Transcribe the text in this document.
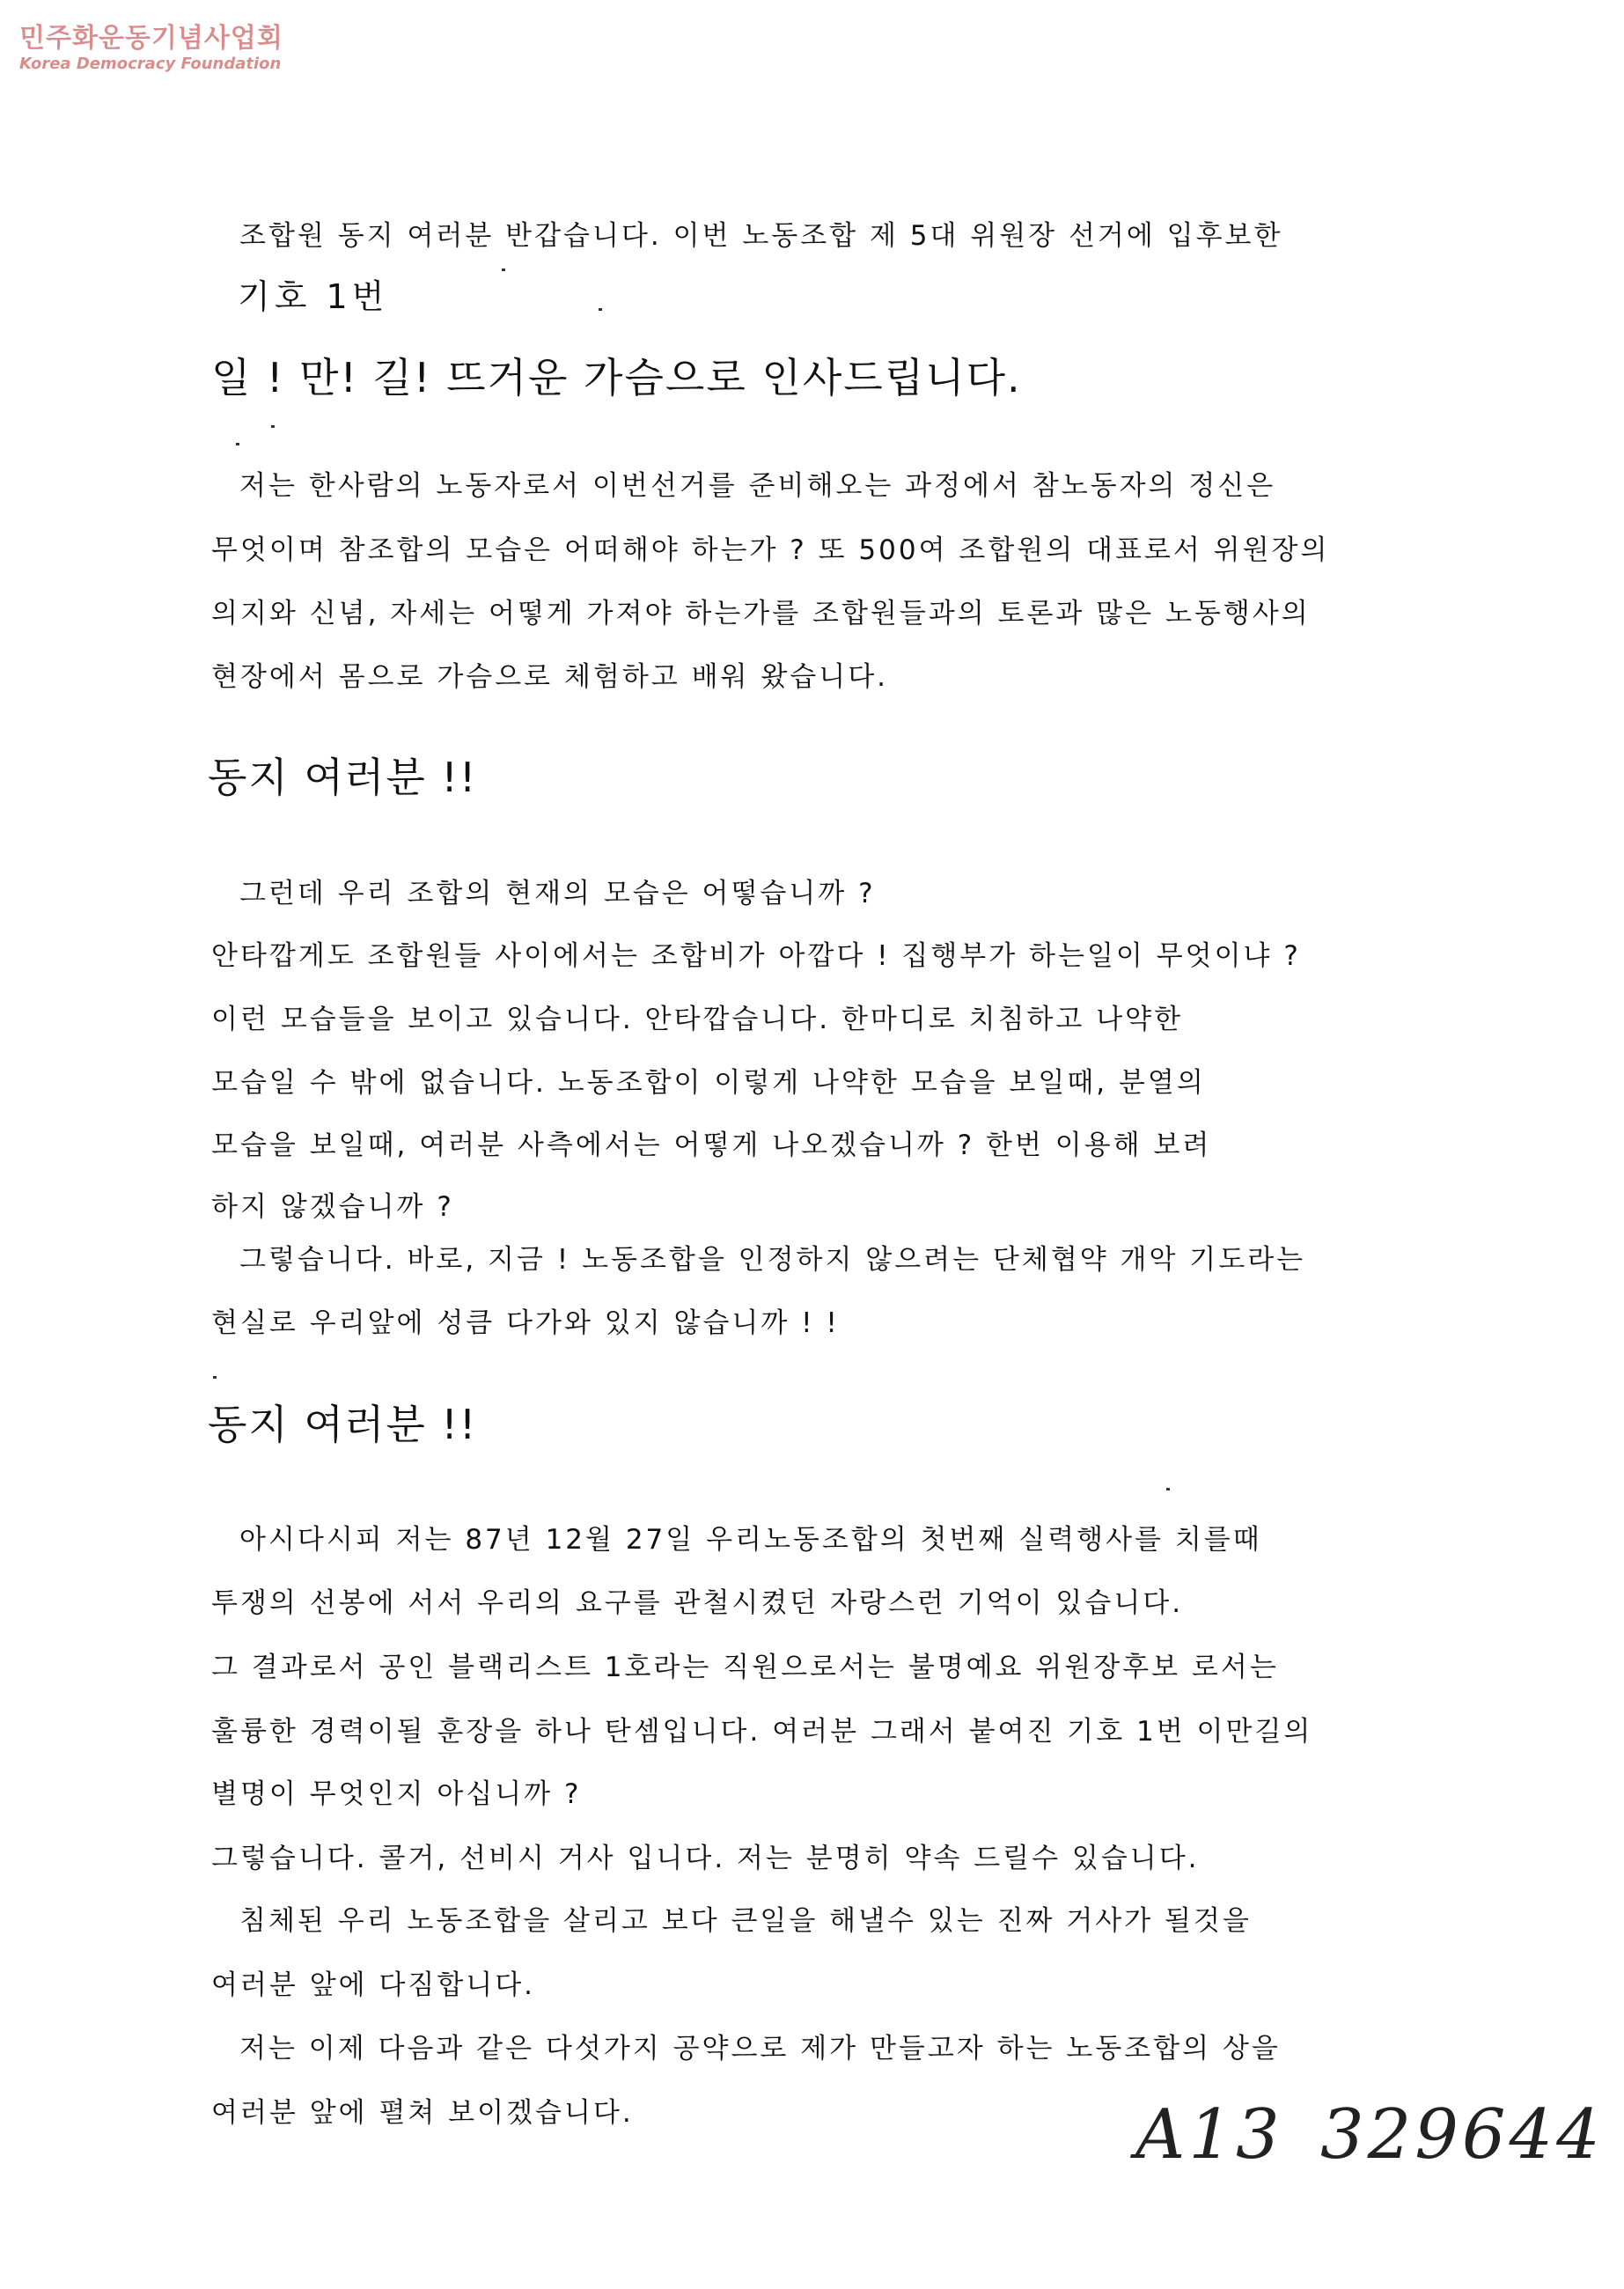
민주화운동기념사업회
Korea Democracy Foundation
조합원 동지 여러분 반갑습니다. 이번 노동조합 제 5대 위원장 선거에 입후보한
기호 1번
일 ! 만! 길! 뜨거운 가슴으로 인사드립니다.
저는 한사람의 노동자로서 이번선거를 준비해오는 과정에서 참노동자의 정신은
무엇이며 참조합의 모습은 어떠해야 하는가 ? 또 500여 조합원의 대표로서 위원장의
의지와 신념, 자세는 어떻게 가져야 하는가를 조합원들과의 토론과 많은 노동행사의
현장에서 몸으로 가슴으로 체험하고 배워 왔습니다.
동지 여러분 !!
그런데 우리 조합의 현재의 모습은 어떻습니까 ?
안타깝게도 조합원들 사이에서는 조합비가 아깝다 ! 집행부가 하는일이 무엇이냐 ?
이런 모습들을 보이고 있습니다. 안타깝습니다. 한마디로 치침하고 나약한
모습일 수 밖에 없습니다. 노동조합이 이렇게 나약한 모습을 보일때, 분열의
모습을 보일때, 여러분 사측에서는 어떻게 나오겠습니까 ? 한번 이용해 보려
하지 않겠습니까 ?
그렇습니다. 바로, 지금 ! 노동조합을 인정하지 않으려는 단체협약 개악 기도라는
현실로 우리앞에 성큼 다가와 있지 않습니까 ! !
동지 여러분 !!
아시다시피 저는 87년 12월 27일 우리노동조합의 첫번째 실력행사를 치를때
투쟁의 선봉에 서서 우리의 요구를 관철시켰던 자랑스런 기억이 있습니다.
그 결과로서 공인 블랙리스트 1호라는 직원으로서는 불명예요 위원장후보 로서는
훌륭한 경력이될 훈장을 하나 탄셈입니다. 여러분 그래서 붙여진 기호 1번 이만길의
별명이 무엇인지 아십니까 ?
그렇습니다. 콜거, 선비시 거사 입니다. 저는 분명히 약속 드릴수 있습니다.
침체된 우리 노동조합을 살리고 보다 큰일을 해낼수 있는 진짜 거사가 될것을
여러분 앞에 다짐합니다.
저는 이제 다음과 같은 다섯가지 공약으로 제가 만들고자 하는 노동조합의 상을
여러분 앞에 펼쳐 보이겠습니다.	A13 329644
